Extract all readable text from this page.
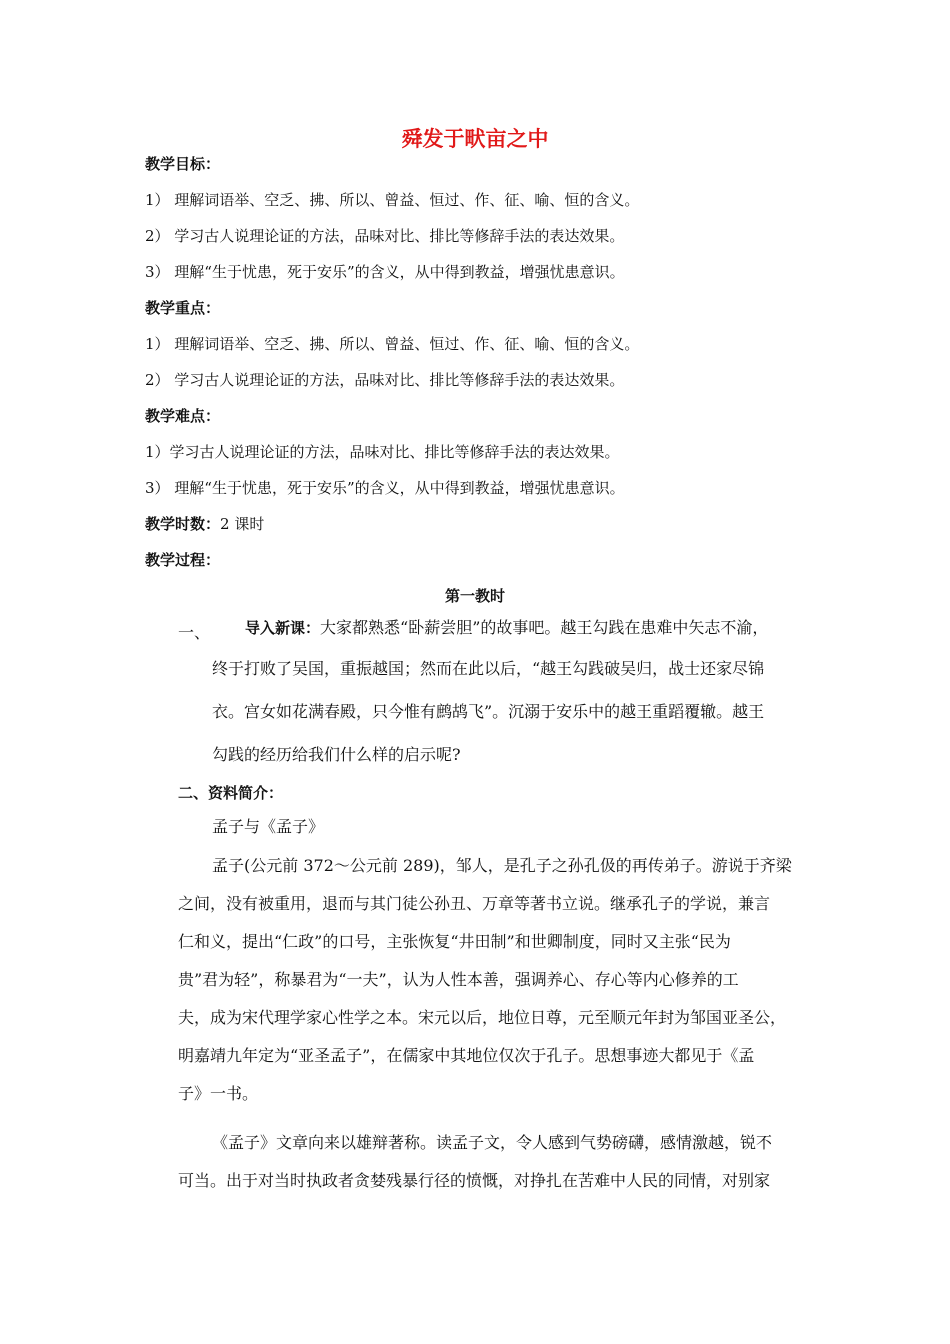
舜发于畎亩之中
教学目标：
1） 理解词语举、空乏、拂、所以、曾益、恒过、作、征、喻、恒的含义。
2） 学习古人说理论证的方法，品味对比、排比等修辞手法的表达效果。
3） 理解“生于忧患，死于安乐”的含义，从中得到教益，增强忧患意识。
教学重点：
1） 理解词语举、空乏、拂、所以、曾益、恒过、作、征、喻、恒的含义。
2） 学习古人说理论证的方法，品味对比、排比等修辞手法的表达效果。
教学难点：
1）学习古人说理论证的方法，品味对比、排比等修辞手法的表达效果。
3） 理解“生于忧患，死于安乐”的含义，从中得到教益，增强忧患意识。
教学时数：2 课时
教学过程：
第一教时
一、 导入新课：大家都熟悉“卧薪尝胆”的故事吧。越王勾践在患难中矢志不渝，
终于打败了吴国，重振越国；然而在此以后，“越王勾践破吴归，战士还家尽锦
衣。宫女如花满春殿，只今惟有鹧鸪飞”。沉溺于安乐中的越王重蹈覆辙。越王
勾践的经历给我们什么样的启示呢?
二、资料简介：
孟子与《孟子》
孟子(公元前 372～公元前 289)，邹人，是孔子之孙孔伋的再传弟子。游说于齐梁
之间，没有被重用，退而与其门徒公孙丑、万章等著书立说。继承孔子的学说，兼言
仁和义，提出“仁政”的口号，主张恢复“井田制”和世卿制度，同时又主张“民为
贵”君为轻”，称暴君为“一夫”，认为人性本善，强调养心、存心等内心修养的工
夫，成为宋代理学家心性学之本。宋元以后，地位日尊，元至顺元年封为邹国亚圣公，
明嘉靖九年定为“亚圣孟子”，在儒家中其地位仅次于孔子。思想事迹大都见于《孟
子》一书。
《孟子》文章向来以雄辩著称。读孟子文，令人感到气势磅礴，感情激越，锐不
可当。出于对当时执政者贪婪残暴行径的愤慨，对挣扎在苦难中人民的同情，对别家
